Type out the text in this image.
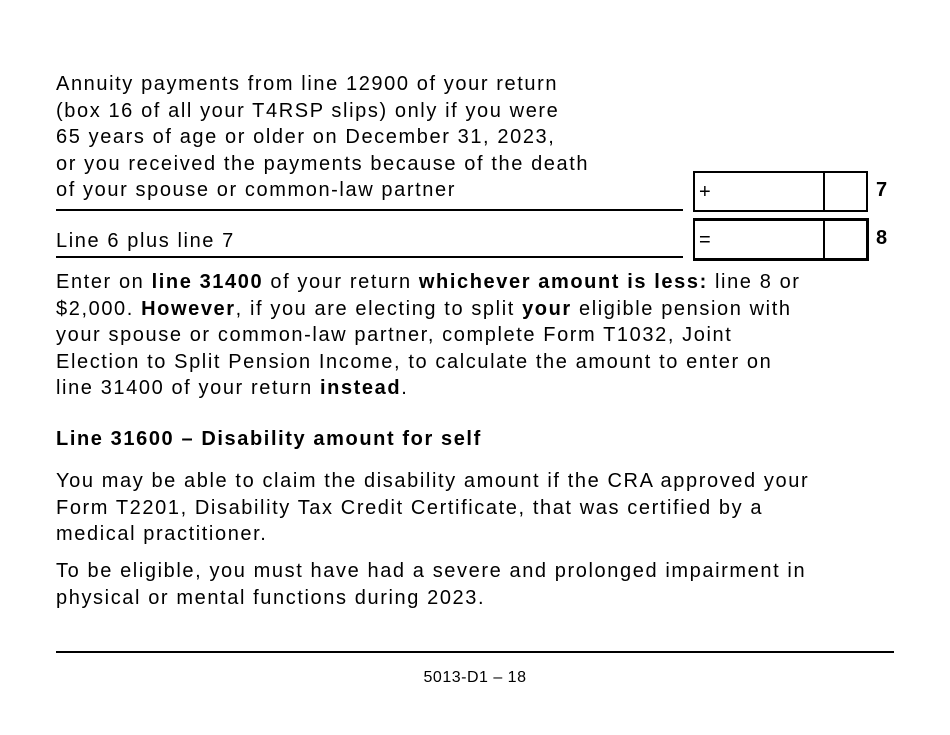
Annuity payments from line 12900 of your return
(box 16 of all your T4RSP slips) only if you were
65 years of age or older on December 31, 2023,
or you received the payments because of the death
of your spouse or common-law partner	+	7
Line 6 plus line 7	=	8
Enter on line 31400 of your return whichever amount is less: line 8 or
$2,000. However, if you are electing to split your eligible pension with
your spouse or common-law partner, complete Form T1032, Joint
Election to Split Pension Income, to calculate the amount to enter on
line 31400 of your return instead.
Line 31600 – Disability amount for self
You may be able to claim the disability amount if the CRA approved your
Form T2201, Disability Tax Credit Certificate, that was certified by a
medical practitioner.
To be eligible, you must have had a severe and prolonged impairment in
physical or mental functions during 2023.
5013-D1 – 18
